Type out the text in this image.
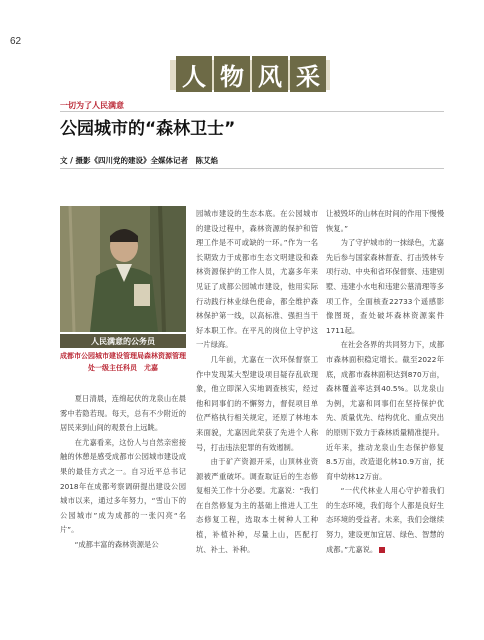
62
人 物 风 采
一切为了人民满意
公园城市的“森林卫士”
文 / 摄影《四川党的建设》全媒体记者　陈艾焰
人民满意的公务员
成都市公园城市建设管理局森林资源管理处一级主任科员　尤嘉

夏日清晨，连绵起伏的龙泉山在晨雾中若隐若现。每天，总有不少附近的居民来到山间的观景台上远眺。

在尤嘉看来，这份人与自然亲密接触的休憩是感受成都市公园城市建设成果的最佳方式之一。自习近平总书记2018年在成都考察调研提出建设公园城市以来，通过多年努力，“雪山下的公园城市”成为成都的一张闪亮“名片”。

“成都丰富的森林资源是公

园城市建设的生态本底。在公园城市的建设过程中，森林资源的保护和管理工作是不可或缺的一环。”作为一名长期致力于成都市生态文明建设和森林资源保护的工作人员，尤嘉多年来见证了成都公园城市建设，他用实际行动践行林业绿色使命，都全维护森林保护第一线，以高标准、强担当干好本职工作。在平凡的岗位上守护这一片绿海。

几年前，尤嘉在一次环保督察工作中发现某大型建设项目疑存乱砍现象，他立即深入实地调查核实，经过他和同事们的不懈努力，督促项目单位严格执行相关规定，还原了林地本来面貌，尤嘉因此荣获了先进个人称号，打击违法犯罪的有效遏制。

由于矿产资源开采，山顶林业资源被严重破坏。调查取证后的生态修复相关工作十分必要。尤嘉说：“我们在自然修复为主的基础上推进人工生态修复工程，选取本土树种人工种植，补植补种，尽量上山，匹配打坑、补土、补种。

让被毁坏的山林在时间的作用下慢慢恢复。”

为了守护城市的一抹绿色，尤嘉先后参与国家森林督查、打击毁林专项行动、中央和省环保督察、违建别墅、违建小水电和违建公墓清理等多项工作，全面核查22733个遥感影像图斑，查处破坏森林资源案件1711起。

在社会各界的共同努力下，成都市森林面积稳定增长。截至2022年底，成都市森林面积达到870万亩，森林覆盖率达到40.5%。以龙泉山为例，尤嘉和同事们在坚持保护优先、质量优先、结构优化、重点突出的原则下致力于森林质量精准提升。近年来，推动龙泉山生态保护修复8.5万亩，改造退化林10.9万亩，抚育中幼林12万亩。

“一代代林业人用心守护着我们的生态环境，我们每个人都是良好生态环境的受益者。未来，我们会继续努力，建设更加宜居、绿色、智慧的成都。”尤嘉说。
